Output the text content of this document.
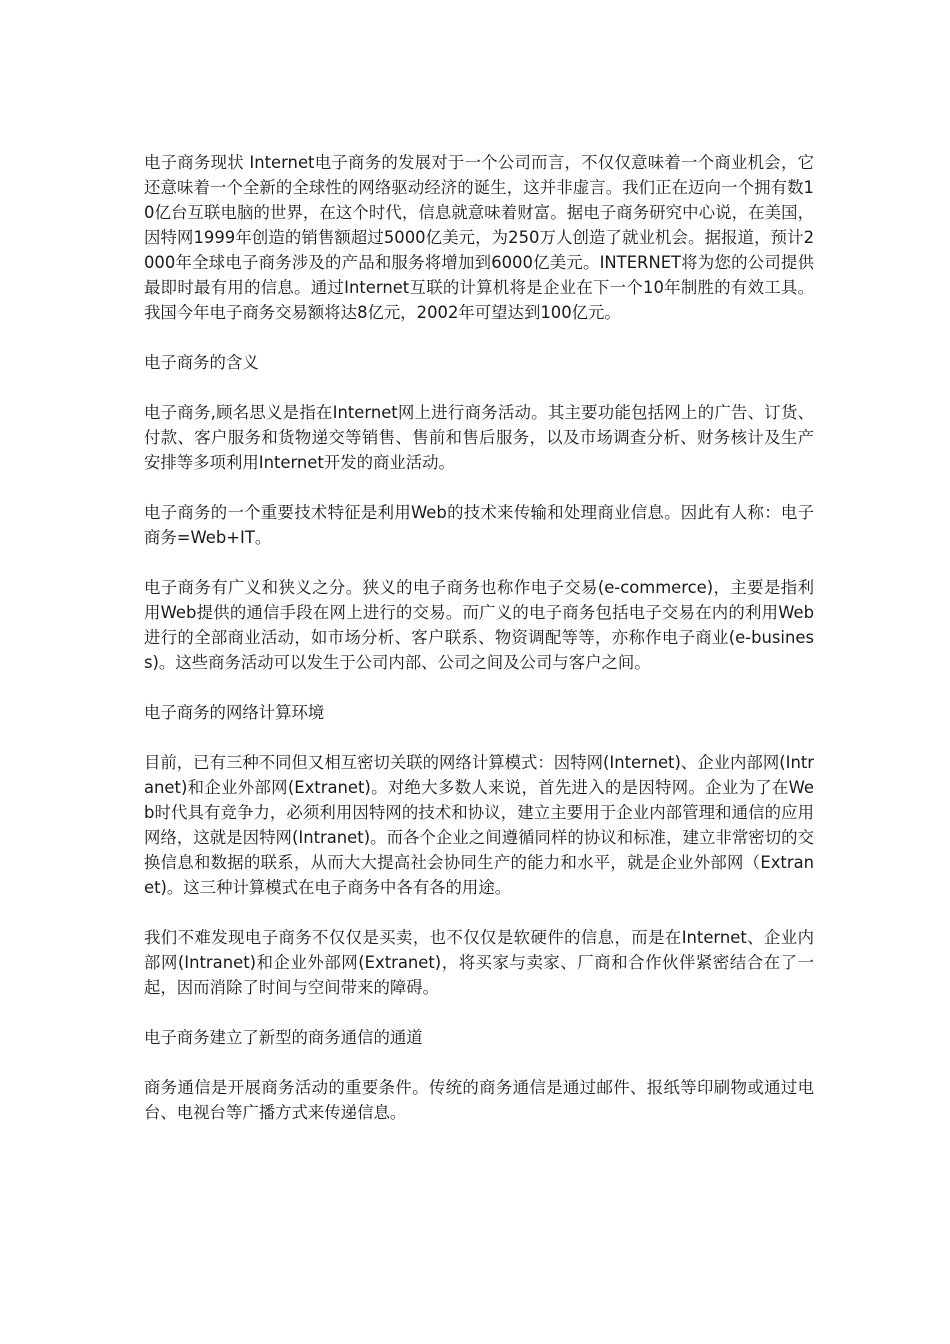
电子商务现状 Internet电子商务的发展对于一个公司而言，不仅仅意味着一个商业机会，它还意味着一个全新的全球性的网络驱动经济的诞生，这并非虚言。我们正在迈向一个拥有数10亿台互联电脑的世界，在这个时代，信息就意味着财富。据电子商务研究中心说，在美国，因特网1999年创造的销售额超过5000亿美元，为250万人创造了就业机会。据报道，预计2000年全球电子商务涉及的产品和服务将增加到6000亿美元。INTERNET将为您的公司提供最即时最有用的信息。通过Internet互联的计算机将是企业在下一个10年制胜的有效工具。我国今年电子商务交易额将达8亿元，2002年可望达到100亿元。

电子商务的含义

电子商务,顾名思义是指在Internet网上进行商务活动。其主要功能包括网上的广告、订货、付款、客户服务和货物递交等销售、售前和售后服务，以及市场调查分析、财务核计及生产安排等多项利用Internet开发的商业活动。

电子商务的一个重要技术特征是利用Web的技术来传输和处理商业信息。因此有人称：电子商务=Web+IT。

电子商务有广义和狭义之分。狭义的电子商务也称作电子交易(e-commerce)，主要是指利用Web提供的通信手段在网上进行的交易。而广义的电子商务包括电子交易在内的利用Web进行的全部商业活动，如市场分析、客户联系、物资调配等等，亦称作电子商业(e-business)。这些商务活动可以发生于公司内部、公司之间及公司与客户之间。

电子商务的网络计算环境

目前，已有三种不同但又相互密切关联的网络计算模式：因特网(Internet)、企业内部网(Intranet)和企业外部网(Extranet)。对绝大多数人来说，首先进入的是因特网。企业为了在Web时代具有竞争力，必须利用因特网的技术和协议，建立主要用于企业内部管理和通信的应用网络，这就是因特网(Intranet)。而各个企业之间遵循同样的协议和标准，建立非常密切的交换信息和数据的联系，从而大大提高社会协同生产的能力和水平，就是企业外部网（Extranet)。这三种计算模式在电子商务中各有各的用途。

我们不难发现电子商务不仅仅是买卖，也不仅仅是软硬件的信息，而是在Internet、企业内部网(Intranet)和企业外部网(Extranet)，将买家与卖家、厂商和合作伙伴紧密结合在了一起，因而消除了时间与空间带来的障碍。

电子商务建立了新型的商务通信的通道

商务通信是开展商务活动的重要条件。传统的商务通信是通过邮件、报纸等印刷物或通过电台、电视台等广播方式来传递信息。
